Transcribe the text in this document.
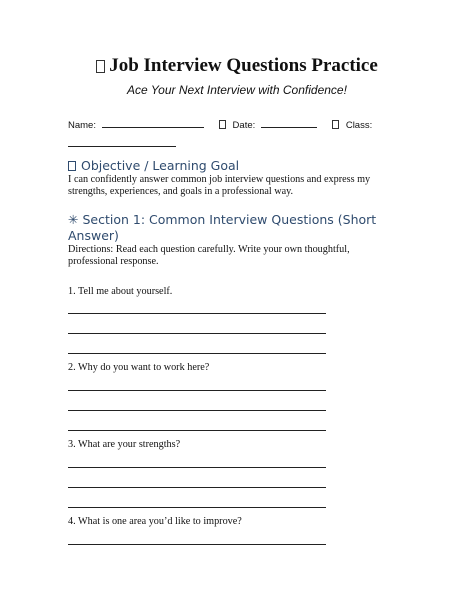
Job Interview Questions Practice
Ace Your Next Interview with Confidence!
Name:	Date:	Class:
Objective / Learning Goal
I can confidently answer common job interview questions and express my strengths, experiences, and goals in a professional way.
✳ Section 1: Common Interview Questions (Short Answer)
Directions: Read each question carefully. Write your own thoughtful, professional response.
1. Tell me about yourself.
2. Why do you want to work here?
3. What are your strengths?
4. What is one area you’d like to improve?
